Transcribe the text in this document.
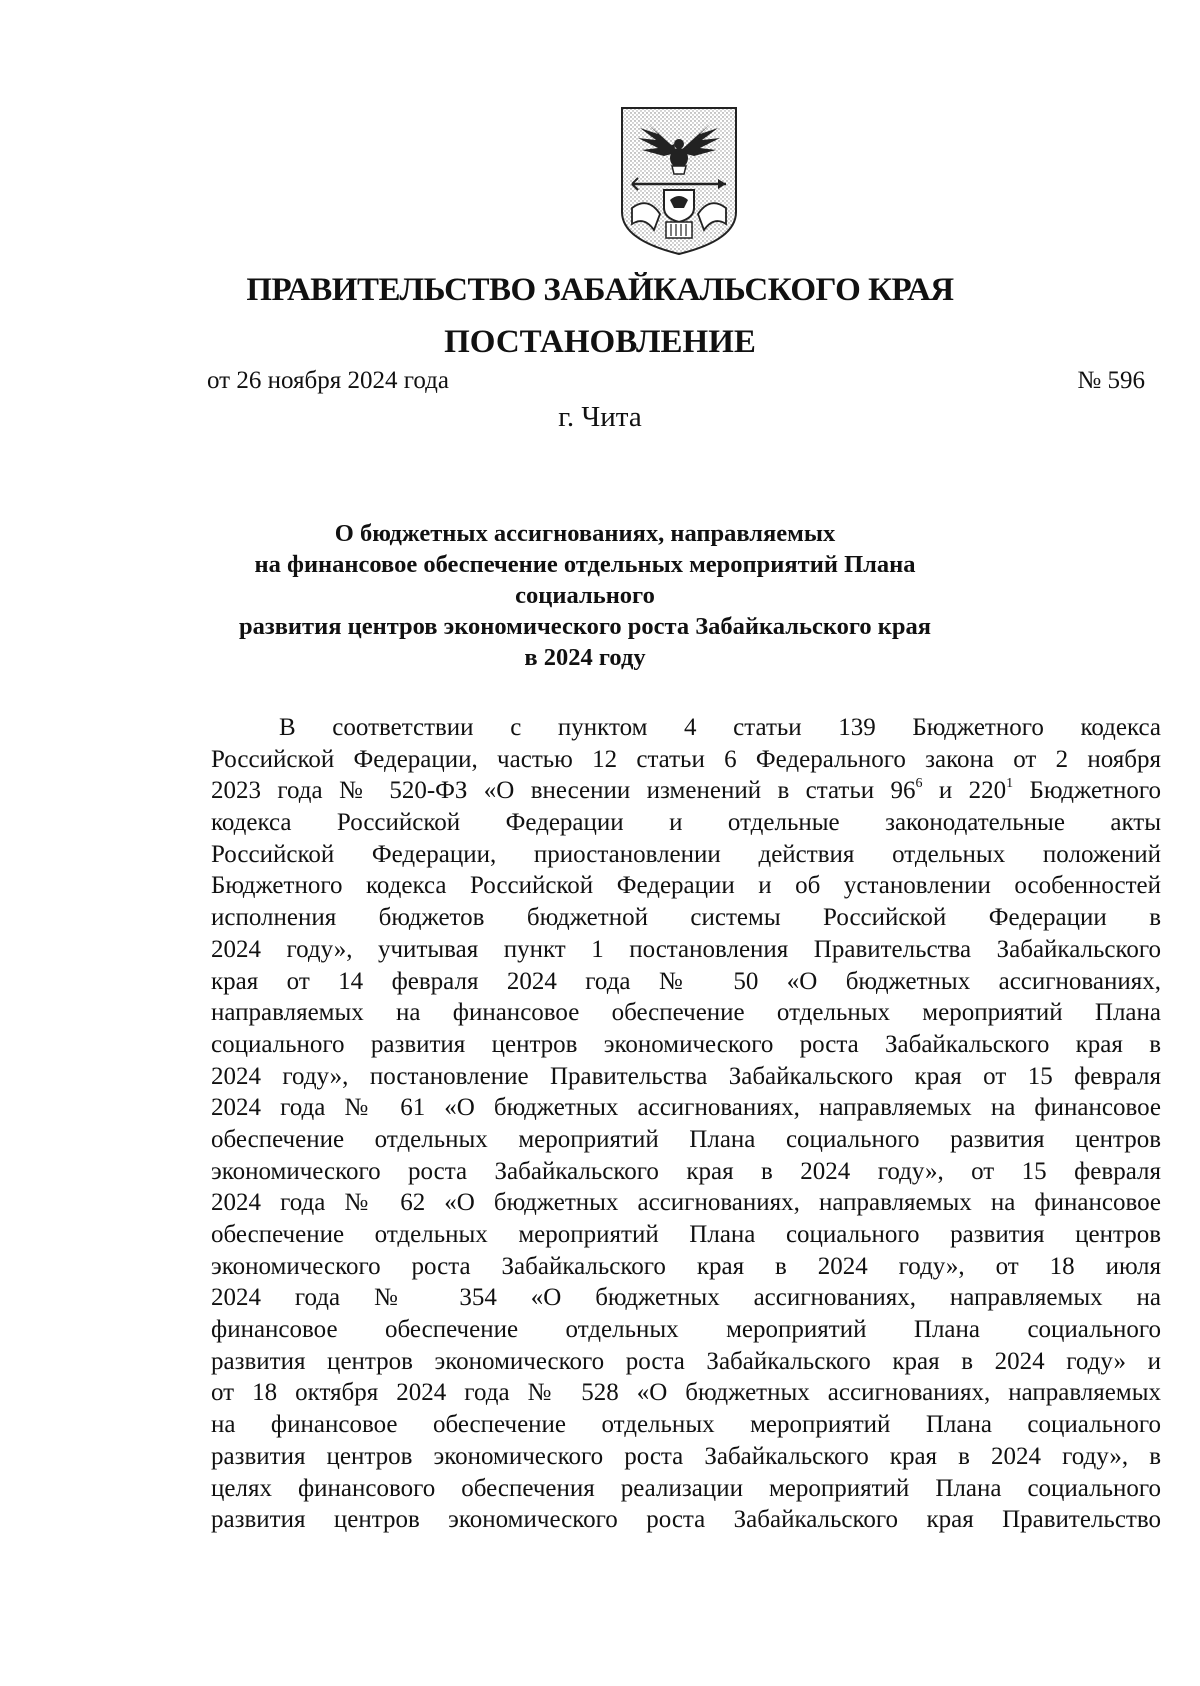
ПРАВИТЕЛЬСТВО ЗАБАЙКАЛЬСКОГО КРАЯ
ПОСТАНОВЛЕНИЕ
от 26 ноября 2024 года	№ 596
г. Чита
О бюджетных ассигнованиях, направляемых
на финансовое обеспечение отдельных мероприятий Плана социального
развития центров экономического роста Забайкальского края
в 2024 году
В соответствии с пунктом 4 статьи 139 Бюджетного кодекса
Российской Федерации, частью 12 статьи 6 Федерального закона от 2 ноября
2023 года № 520-ФЗ «О внесении изменений в статьи $96^6$ и $220^1$ Бюджетного
кодекса Российской Федерации и отдельные законодательные акты
Российской Федерации, приостановлении действия отдельных положений
Бюджетного кодекса Российской Федерации и об установлении особенностей
исполнения бюджетов бюджетной системы Российской Федерации в
2024 году», учитывая пункт 1 постановления Правительства Забайкальского
края от 14 февраля 2024 года № 50 «О бюджетных ассигнованиях,
направляемых на финансовое обеспечение отдельных мероприятий Плана
социального развития центров экономического роста Забайкальского края в
2024 году», постановление Правительства Забайкальского края от 15 февраля
2024 года № 61 «О бюджетных ассигнованиях, направляемых на финансовое
обеспечение отдельных мероприятий Плана социального развития центров
экономического роста Забайкальского края в 2024 году», от 15 февраля
2024 года № 62 «О бюджетных ассигнованиях, направляемых на финансовое
обеспечение отдельных мероприятий Плана социального развития центров
экономического роста Забайкальского края в 2024 году», от 18 июля
2024 года № 354 «О бюджетных ассигнованиях, направляемых на
финансовое обеспечение отдельных мероприятий Плана социального
развития центров экономического роста Забайкальского края в 2024 году» и
от 18 октября 2024 года № 528 «О бюджетных ассигнованиях, направляемых
на финансовое обеспечение отдельных мероприятий Плана социального
развития центров экономического роста Забайкальского края в 2024 году», в
целях финансового обеспечения реализации мероприятий Плана социального
развития центров экономического роста Забайкальского края Правительство
